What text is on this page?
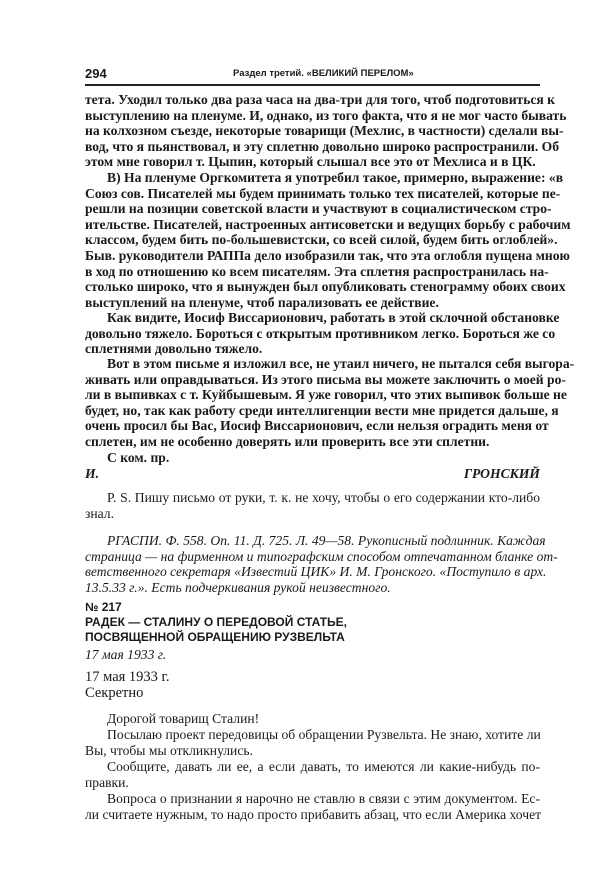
294	Раздел третий. «ВЕЛИКИЙ ПЕРЕЛОМ»
тета. Уходил только два раза часа на два-три для того, чтоб подготовиться к
выступлению на пленуме. И, однако, из того факта, что я не мог часто бывать
на колхозном съезде, некоторые товарищи (Мехлис, в частности) сделали вы-
вод, что я пьянствовал, и эту сплетню довольно широко распространили. Об
этом мне говорил т. Цыпин, который слышал все это от Мехлиса и в ЦК.
В) На пленуме Оргкомитета я употребил такое, примерно, выражение: «в
Союз сов. Писателей мы будем принимать только тех писателей, которые пе-
решли на позиции советской власти и участвуют в социалистическом стро-
ительстве. Писателей, настроенных антисоветски и ведущих борьбу с рабочим
классом, будем бить по-большевистски, со всей силой, будем бить оглоблей».
Быв. руководители РАППа дело изобразили так, что эта оглобля пущена мною
в ход по отношению ко всем писателям. Эта сплетня распространилась на-
столько широко, что я вынужден был опубликовать стенограмму обоих своих
выступлений на пленуме, чтоб парализовать ее действие.
Как видите, Иосиф Виссарионович, работать в этой склочной обстановке
довольно тяжело. Бороться с открытым противником легко. Бороться же со
сплетнями довольно тяжело.
Вот в этом письме я изложил все, не утаил ничего, не пытался себя выгора-
живать или оправдываться. Из этого письма вы можете заключить о моей ро-
ли в выпивках с т. Куйбышевым. Я уже говорил, что этих выпивок больше не
будет, но, так как работу среди интеллигенции вести мне придется дальше, я
очень просил бы Вас, Иосиф Виссарионович, если нельзя оградить меня от
сплетен, им не особенно доверять или проверить все эти сплетни.
С ком. пр.
И. ГРОНСКИЙ
P. S. Пишу письмо от руки, т. к. не хочу, чтобы о его содержании кто-либо
знал.
РГАСПИ. Ф. 558. Оп. 11. Д. 725. Л. 49—58. Рукописный подлинник. Каждая
страница — на фирменном и типографским способом отпечатанном бланке от-
ветственного секретаря «Известий ЦИК» И. М. Гронского. «Поступило в арх.
13.5.33 г.». Есть подчеркивания рукой неизвестного.
№ 217
РАДЕК — СТАЛИНУ О ПЕРЕДОВОЙ СТАТЬЕ,
ПОСВЯЩЕННОЙ ОБРАЩЕНИЮ РУЗВЕЛЬТА
17 мая 1933 г.
17 мая 1933 г.
Секретно
Дорогой товарищ Сталин!
Посылаю проект передовицы об обращении Рузвельта. Не знаю, хотите ли
Вы, чтобы мы откликнулись.
Сообщите, давать ли ее, а если давать, то имеются ли какие-нибудь по-
правки.
Вопроса о признании я нарочно не ставлю в связи с этим документом. Ес-
ли считаете нужным, то надо просто прибавить абзац, что если Америка хочет
